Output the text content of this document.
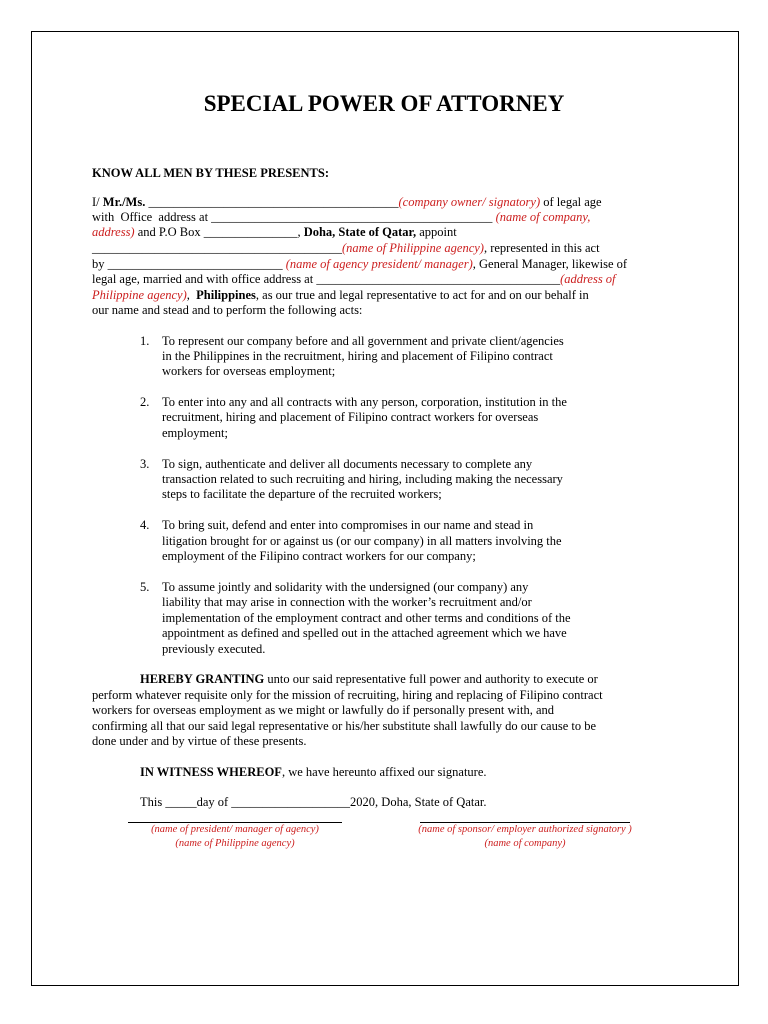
SPECIAL POWER OF ATTORNEY
KNOW ALL MEN BY THESE PRESENTS:
I/ Mr./Ms. ________________________________________(company owner/ signatory) of legal age
with  Office  address at _____________________________________________ (name of company,
address) and P.O Box _______________, Doha, State of Qatar, appoint
________________________________________(name of Philippine agency), represented in this act
by ____________________________ (name of agency president/ manager), General Manager, likewise of
legal age, married and with office address at _______________________________________(address of
Philippine agency),  Philippines, as our true and legal representative to act for and on our behalf in
our name and stead and to perform the following acts:
1. To represent our company before and all government and private client/agencies
in the Philippines in the recruitment, hiring and placement of Filipino contract
workers for overseas employment;
2. To enter into any and all contracts with any person, corporation, institution in the
recruitment, hiring and placement of Filipino contract workers for overseas
employment;
3. To sign, authenticate and deliver all documents necessary to complete any
transaction related to such recruiting and hiring, including making the necessary
steps to facilitate the departure of the recruited workers;
4. To bring suit, defend and enter into compromises in our name and stead in
litigation brought for or against us (or our company) in all matters involving the
employment of the Filipino contract workers for our company;
5. To assume jointly and solidarity with the undersigned (our company) any
liability that may arise in connection with the worker’s recruitment and/or
implementation of the employment contract and other terms and conditions of the
appointment as defined and spelled out in the attached agreement which we have
previously executed.
HEREBY GRANTING unto our said representative full power and authority to execute or
perform whatever requisite only for the mission of recruiting, hiring and replacing of Filipino contract
workers for overseas employment as we might or lawfully do if personally present with, and
confirming all that our said legal representative or his/her substitute shall lawfully do our cause to be
done under and by virtue of these presents.
IN WITNESS WHEREOF, we have hereunto affixed our signature.
This _____day of ___________________2020, Doha, State of Qatar.
(name of president/ manager of agency)
(name of Philippine agency)
(name of sponsor/ employer authorized signatory )
(name of company)
